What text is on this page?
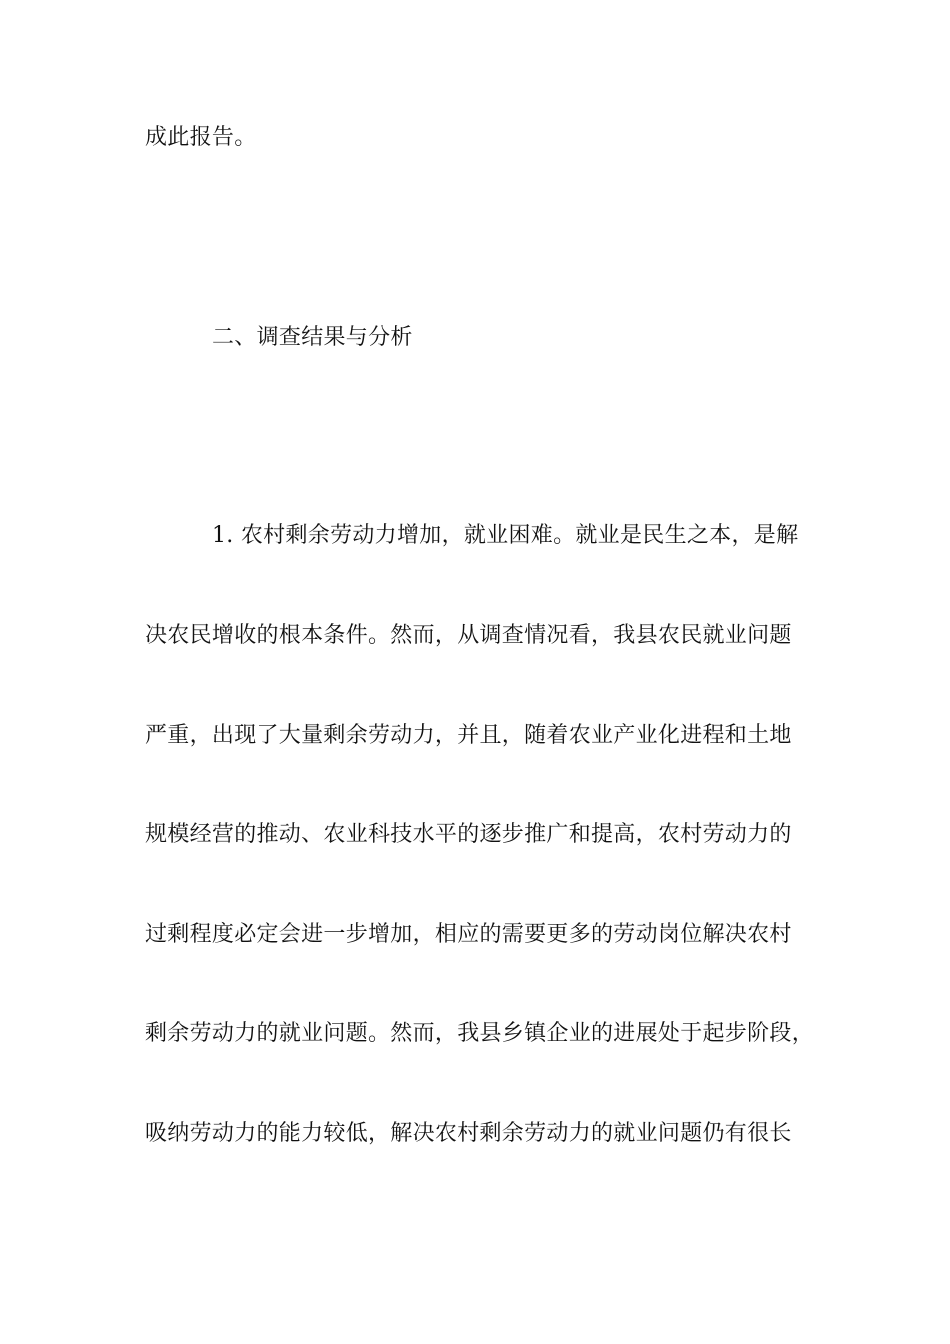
成此报告。
二、调查结果与分析
1. 农村剩余劳动力增加，就业困难。就业是民生之本，是解
决农民增收的根本条件。然而，从调查情况看，我县农民就业问题
严重，出现了大量剩余劳动力，并且，随着农业产业化进程和土地
规模经营的推动、农业科技水平的逐步推广和提高，农村劳动力的
过剩程度必定会进一步增加，相应的需要更多的劳动岗位解决农村
剩余劳动力的就业问题。然而，我县乡镇企业的进展处于起步阶段，
吸纳劳动力的能力较低，解决农村剩余劳动力的就业问题仍有很长
